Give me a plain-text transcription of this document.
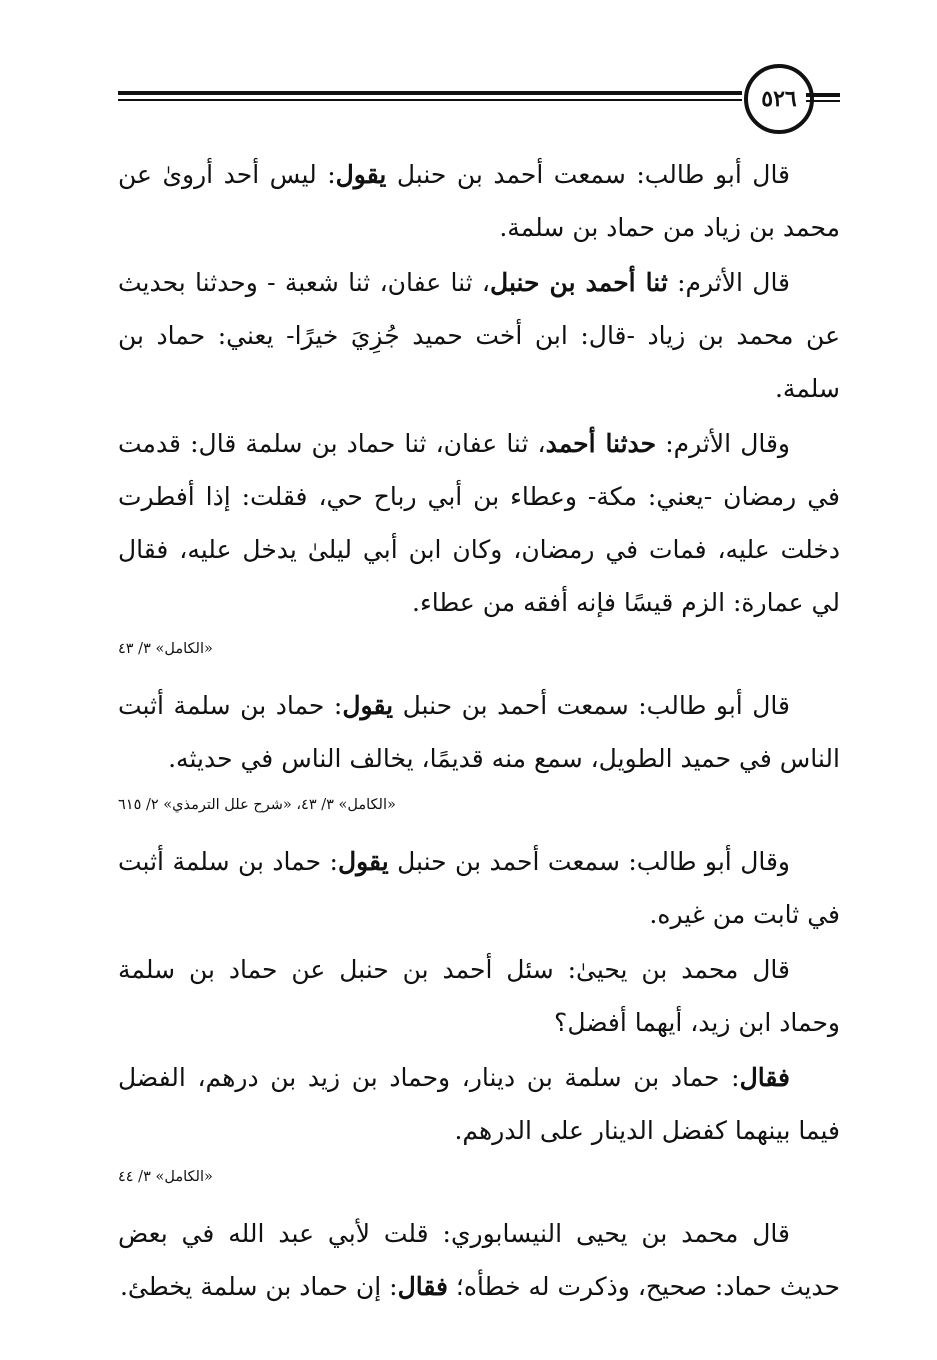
٥٢٦

قال أبو طالب: سمعت أحمد بن حنبل يقول: ليس أحد أروىٰ عن محمد بن زياد من حماد بن سلمة.

قال الأثرم: ثنا أحمد بن حنبل، ثنا عفان، ثنا شعبة - وحدثنا بحديث عن محمد بن زياد -قال: ابن أخت حميد جُزِيَ خيرًا- يعني: حماد بن سلمة.

وقال الأثرم: حدثنا أحمد، ثنا عفان، ثنا حماد بن سلمة قال: قدمت في رمضان -يعني: مكة- وعطاء بن أبي رباح حي، فقلت: إذا أفطرت دخلت عليه، فمات في رمضان، وكان ابن أبي ليلىٰ يدخل عليه، فقال لي عمارة: الزم قيسًا فإنه أفقه من عطاء.

«الكامل» ٣/ ٤٣

قال أبو طالب: سمعت أحمد بن حنبل يقول: حماد بن سلمة أثبت الناس في حميد الطويل، سمع منه قديمًا، يخالف الناس في حديثه.

«الكامل» ٣/ ٤٣، «شرح علل الترمذي» ٢/ ٦١٥

وقال أبو طالب: سمعت أحمد بن حنبل يقول: حماد بن سلمة أثبت في ثابت من غيره.

قال محمد بن يحيىٰ: سئل أحمد بن حنبل عن حماد بن سلمة وحماد ابن زيد، أيهما أفضل؟

فقال: حماد بن سلمة بن دينار، وحماد بن زيد بن درهم، الفضل فيما بينهما كفضل الدينار على الدرهم.

«الكامل» ٣/ ٤٤

قال محمد بن يحيى النيسابوري: قلت لأبي عبد الله في بعض حديث حماد: صحيح، وذكرت له خطأه؛ فقال: إن حماد بن سلمة يخطئ.
